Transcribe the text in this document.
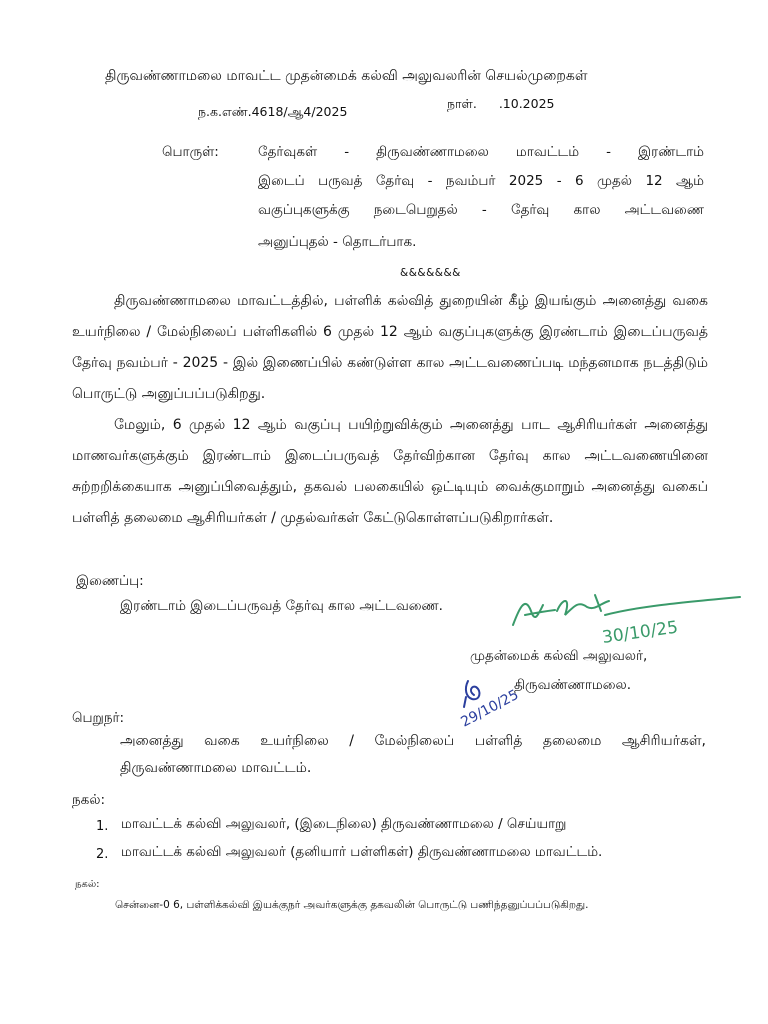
திருவண்ணாமலை மாவட்ட முதன்மைக் கல்வி அலுவலரின் செயல்முறைகள்
ந.க.எண்.4618/ஆ4/2025
நாள். .10.2025
பொருள்:	தேர்வுகள் - திருவண்ணாமலை மாவட்டம் - இரண்டாம்
இடைப் பருவத் தேர்வு - நவம்பர் 2025 - 6 முதல் 12 ஆம்
வகுப்புகளுக்கு நடைபெறுதல் - தேர்வு கால அட்டவணை
அனுப்புதல் - தொடர்பாக.
&&&&&&&
திருவண்ணாமலை மாவட்டத்தில், பள்ளிக் கல்வித் துறையின் கீழ் இயங்கும் அனைத்து வகை உயர்நிலை / மேல்நிலைப் பள்ளிகளில் 6 முதல் 12 ஆம் வகுப்புகளுக்கு இரண்டாம் இடைப்பருவத் தேர்வு நவம்பர் - 2025 - இல் இணைப்பில் கண்டுள்ள கால அட்டவணைப்படி மந்தனமாக நடத்திடும் பொருட்டு அனுப்பப்படுகிறது.
மேலும், 6 முதல் 12 ஆம் வகுப்பு பயிற்றுவிக்கும் அனைத்து பாட ஆசிரியர்கள் அனைத்து மாணவர்களுக்கும் இரண்டாம் இடைப்பருவத் தேர்விற்கான தேர்வு கால அட்டவணையினை சுற்றறிக்கையாக அனுப்பிவைத்தும், தகவல் பலகையில் ஒட்டியும் வைக்குமாறும் அனைத்து வகைப் பள்ளித் தலைமை ஆசிரியர்கள் / முதல்வர்கள் கேட்டுகொள்ளப்படுகிறார்கள்.
இணைப்பு:
இரண்டாம் இடைப்பருவத் தேர்வு கால அட்டவணை.
30/10/25
முதன்மைக் கல்வி அலுவலர்,
திருவண்ணாமலை.
29/10/25
பெறுநர்:
அனைத்து வகை உயர்நிலை / மேல்நிலைப் பள்ளித் தலைமை ஆசிரியர்கள்,
திருவண்ணாமலை மாவட்டம்.
நகல்:
1. மாவட்டக் கல்வி அலுவலர், (இடைநிலை) திருவண்ணாமலை / செய்யாறு
2. மாவட்டக் கல்வி அலுவலர் (தனியார் பள்ளிகள்) திருவண்ணாமலை மாவட்டம்.
நகல்:
சென்னை-0 6, பள்ளிக்கல்வி இயக்குநர் அவர்களுக்கு தகவலின் பொருட்டு பணிந்தனுப்பப்படுகிறது.
